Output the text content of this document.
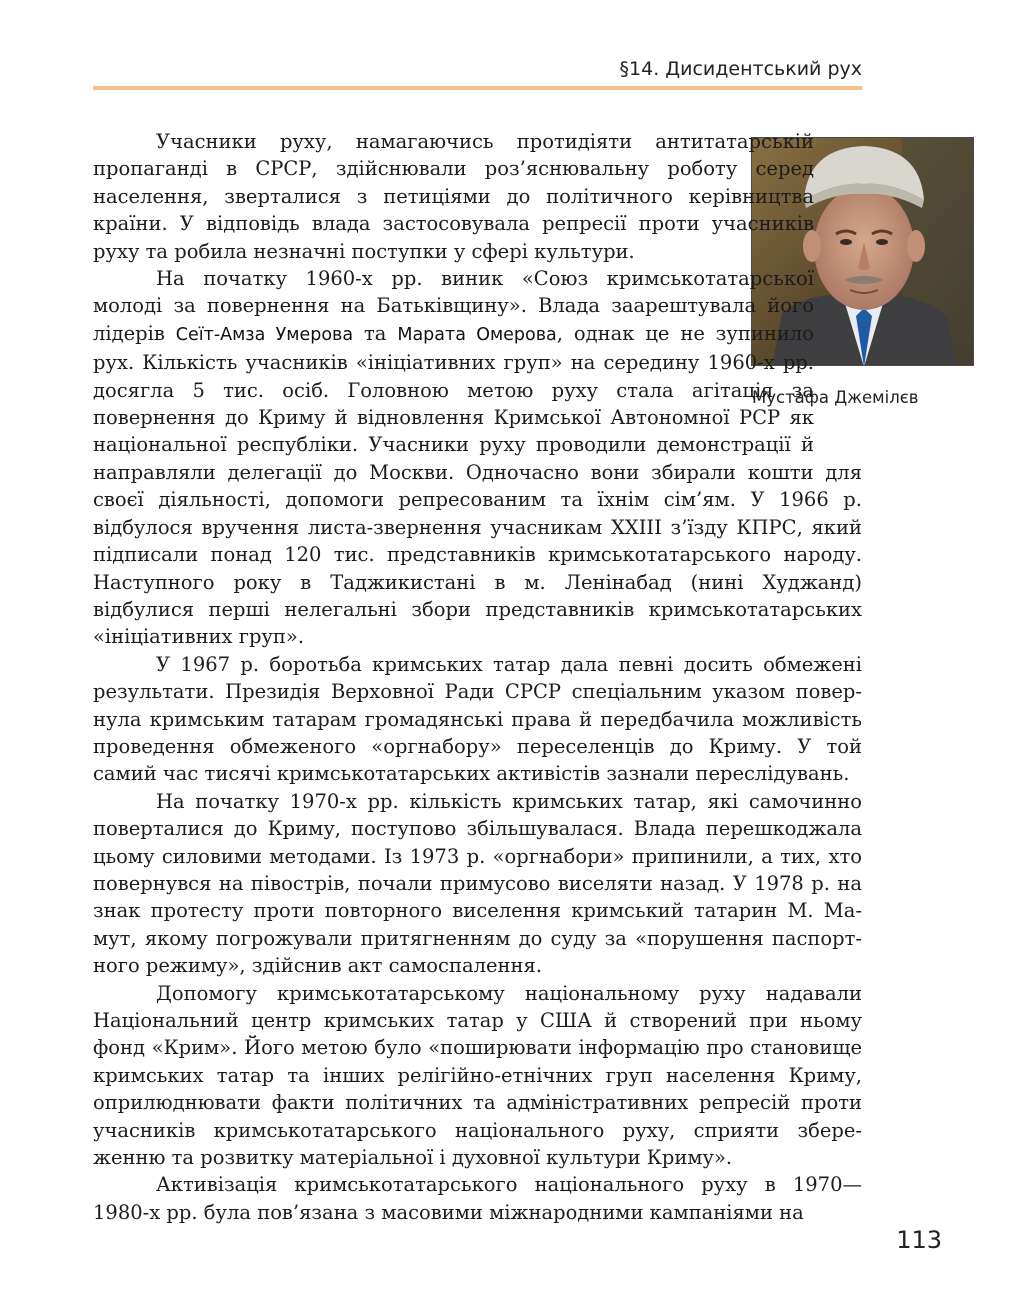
§14. Дисидентський рух
Мустафа Джемілєв

Учасники руху, намагаючись протидіяти антитатарській пропаганді в СРСР, здійснювали роз’яснювальну роботу серед населення, зверталися з петиціями до політичного керівництва країни. У відповідь влада застосовувала репресії проти учасників руху та робила незначні поступки у сфері культури.

На початку 1960-х рр. виник «Союз кримськотатарської молоді за повернення на Батьківщину». Влада заарештувала його лідерів Сеїт-Амза Умерова та Марата Омерова, однак це не зупинило рух. Кількість учасників «ініціативних груп» на середину 1960-х рр. досягла 5 тис. осіб. Головною метою руху стала агітація за повернення до Криму й відновлення Кримської Автономної РСР як національної республіки. Учасники руху проводили демонстрації й направляли делегації до Москви. Одночасно вони збирали кошти для своєї діяльності, допомоги репресованим та їхнім сім’ям. У 1966 р. відбулося вручення листа-звернення учасникам XXIII з’їзду КПРС, який підписали понад 120 тис. представників кримськотатарського народу. Наступного року в Таджикистані в м. Ленінабад (нині Худжанд) відбулися перші нелегальні збори представників кримськотатарських «ініціативних груп».

У 1967 р. боротьба кримських татар дала певні досить обмежені результати. Президія Верховної Ради СРСР спеціальним указом повернула кримським татарам громадянські права й передбачила можливість проведення обмеженого «оргнабору» переселенців до Криму. У той самий час тисячі кримськотатарських активістів зазнали переслідувань.

На початку 1970-х рр. кількість кримських татар, які самочинно поверталися до Криму, поступово збільшувалася. Влада перешкоджала цьому силовими методами. Із 1973 р. «оргнабори» припинили, а тих, хто повернувся на півострів, почали примусово виселяти назад. У 1978 р. на знак протесту проти повторного виселення кримський татарин М. Мамут, якому погрожували притягненням до суду за «порушення паспортного режиму», здійснив акт самоспалення.

Допомогу кримськотатарському національному руху надавали Національний центр кримських татар у США й створений при ньому фонд «Крим». Його метою було «поширювати інформацію про становище кримських татар та інших релігійно-етнічних груп населення Криму, оприлюднювати факти політичних та адміністративних репресій проти учасників кримськотатарського національного руху, сприяти збереженню та розвитку матеріальної і духовної культури Криму».

Активізація кримськотатарського національного руху в 1970—1980-х рр. була пов’язана з масовими міжнародними кампаніями на

113
